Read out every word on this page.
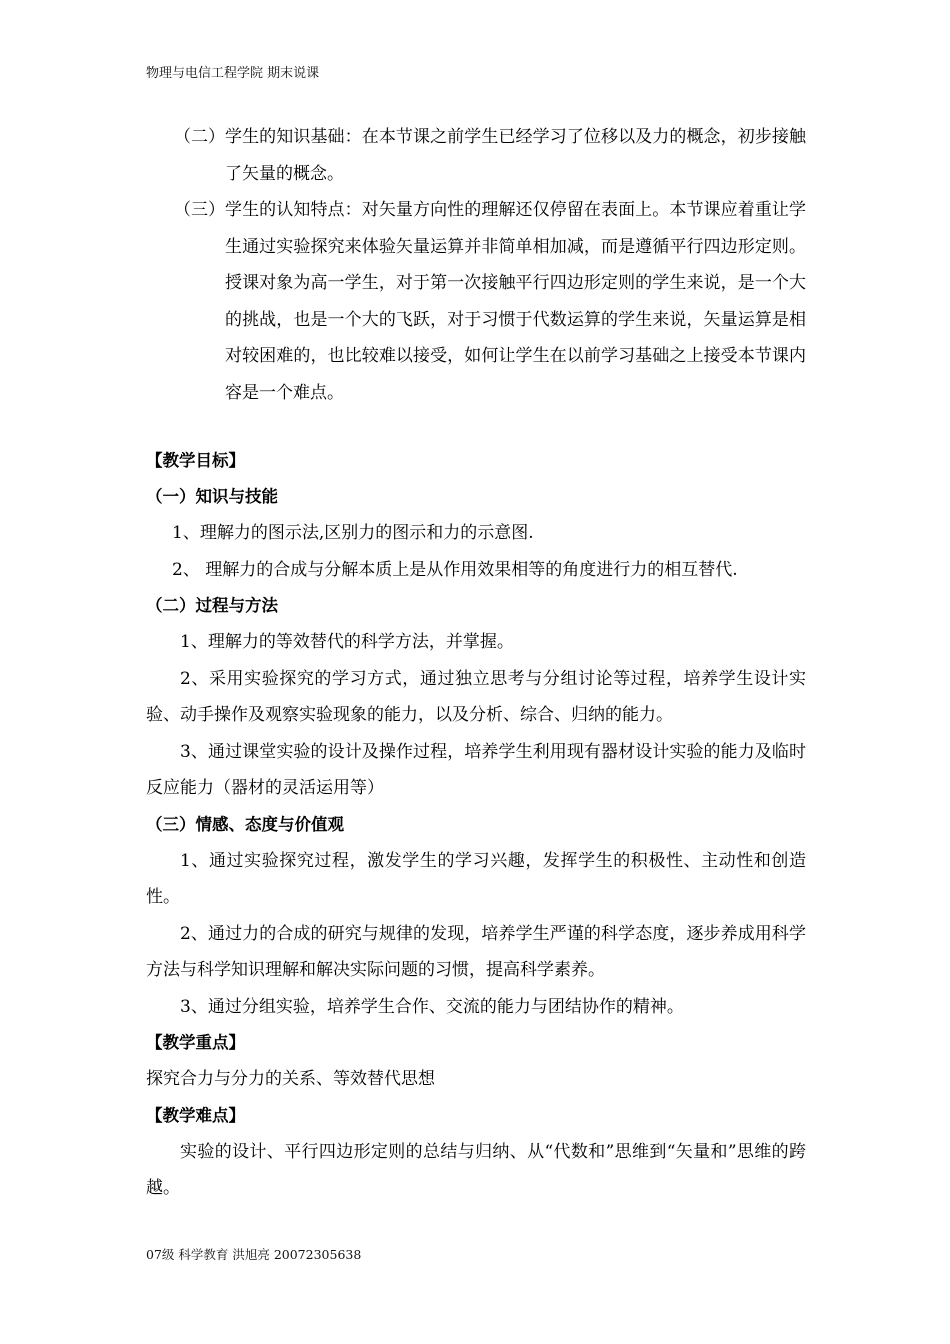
物理与电信工程学院 期末说课
（二） 学生的知识基础：在本节课之前学生已经学习了位移以及力的概念，初步接触了矢量的概念。
（三） 学生的认知特点：对矢量方向性的理解还仅停留在表面上。本节课应着重让学生通过实验探究来体验矢量运算并非简单相加减，而是遵循平行四边形定则。授课对象为高一学生，对于第一次接触平行四边形定则的学生来说，是一个大的挑战，也是一个大的飞跃，对于习惯于代数运算的学生来说，矢量运算是相对较困难的，也比较难以接受，如何让学生在以前学习基础之上接受本节课内容是一个难点。
【教学目标】
（一）知识与技能
1、理解力的图示法,区别力的图示和力的示意图.
2、 理解力的合成与分解本质上是从作用效果相等的角度进行力的相互替代.
（二）过程与方法
1、理解力的等效替代的科学方法，并掌握。
2、采用实验探究的学习方式，通过独立思考与分组讨论等过程，培养学生设计实验、动手操作及观察实验现象的能力，以及分析、综合、归纳的能力。
3、通过课堂实验的设计及操作过程，培养学生利用现有器材设计实验的能力及临时反应能力（器材的灵活运用等）
（三）情感、态度与价值观
1、通过实验探究过程，激发学生的学习兴趣，发挥学生的积极性、主动性和创造性。
2、通过力的合成的研究与规律的发现，培养学生严谨的科学态度，逐步养成用科学方法与科学知识理解和解决实际问题的习惯，提高科学素养。
3、通过分组实验，培养学生合作、交流的能力与团结协作的精神。
【教学重点】
探究合力与分力的关系、等效替代思想
【教学难点】
实验的设计、平行四边形定则的总结与归纳、从“代数和”思维到“矢量和”思维的跨越。
07级 科学教育 洪旭亮 20072305638
